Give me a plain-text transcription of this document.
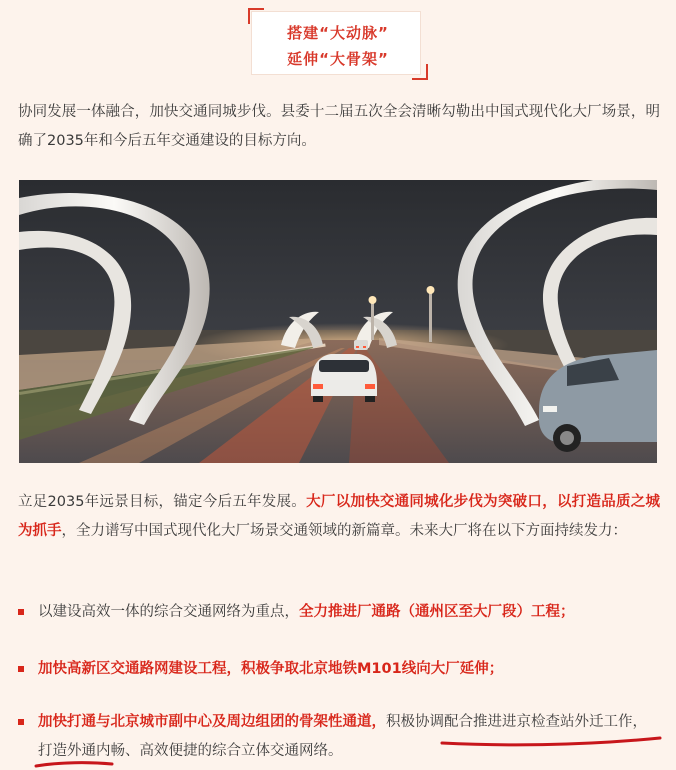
搭建“大动脉”
延伸“大骨架”
协同发展一体融合，加快交通同城步伐。县委十二届五次全会清晰勾勒出中国式现代化大厂场景，明确了2035年和今后五年交通建设的目标方向。
立足2035年远景目标，锚定今后五年发展。大厂以加快交通同城化步伐为突破口，以打造品质之城为抓手，全力谱写中国式现代化大厂场景交通领域的新篇章。未来大厂将在以下方面持续发力：
以建设高效一体的综合交通网络为重点，全力推进厂通路（通州区至大厂段）工程；
加快高新区交通路网建设工程，积极争取北京地铁M101线向大厂延伸；
加快打通与北京城市副中心及周边组团的骨架性通道，积极协调配合推进进京检查站外迁工作，打造外通内畅、高效便捷的综合立体交通网络。
